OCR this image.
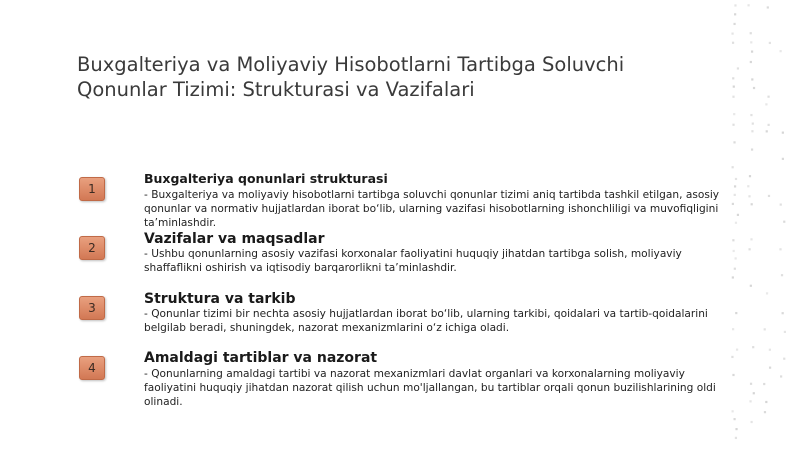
Buxgalteriya va Moliyaviy Hisobotlarni Tartibga Soluvchi Qonunlar Tizimi: Strukturasi va Vazifalari
1
Buxgalteriya qonunlari strukturasi
- Buxgalteriya va moliyaviy hisobotlarni tartibga soluvchi qonunlar tizimi aniq tartibda tashkil etilgan, asosiy qonunlar va normativ hujjatlardan iborat bo‘lib, ularning vazifasi hisobotlarning ishonchliligi va muvofiqligini ta’minlashdir.
2
Vazifalar va maqsadlar
- Ushbu qonunlarning asosiy vazifasi korxonalar faoliyatini huquqiy jihatdan tartibga solish, moliyaviy shaffaflikni oshirish va iqtisodiy barqarorlikni ta’minlashdir.
3
Struktura va tarkib
- Qonunlar tizimi bir nechta asosiy hujjatlardan iborat bo‘lib, ularning tarkibi, qoidalari va tartib-qoidalarini belgilab beradi, shuningdek, nazorat mexanizmlarini o‘z ichiga oladi.
4
Amaldagi tartiblar va nazorat
- Qonunlarning amaldagi tartibi va nazorat mexanizmlari davlat organlari va korxonalarning moliyaviy faoliyatini huquqiy jihatdan nazorat qilish uchun mo'ljallangan, bu tartiblar orqali qonun buzilishlarining oldi olinadi.
